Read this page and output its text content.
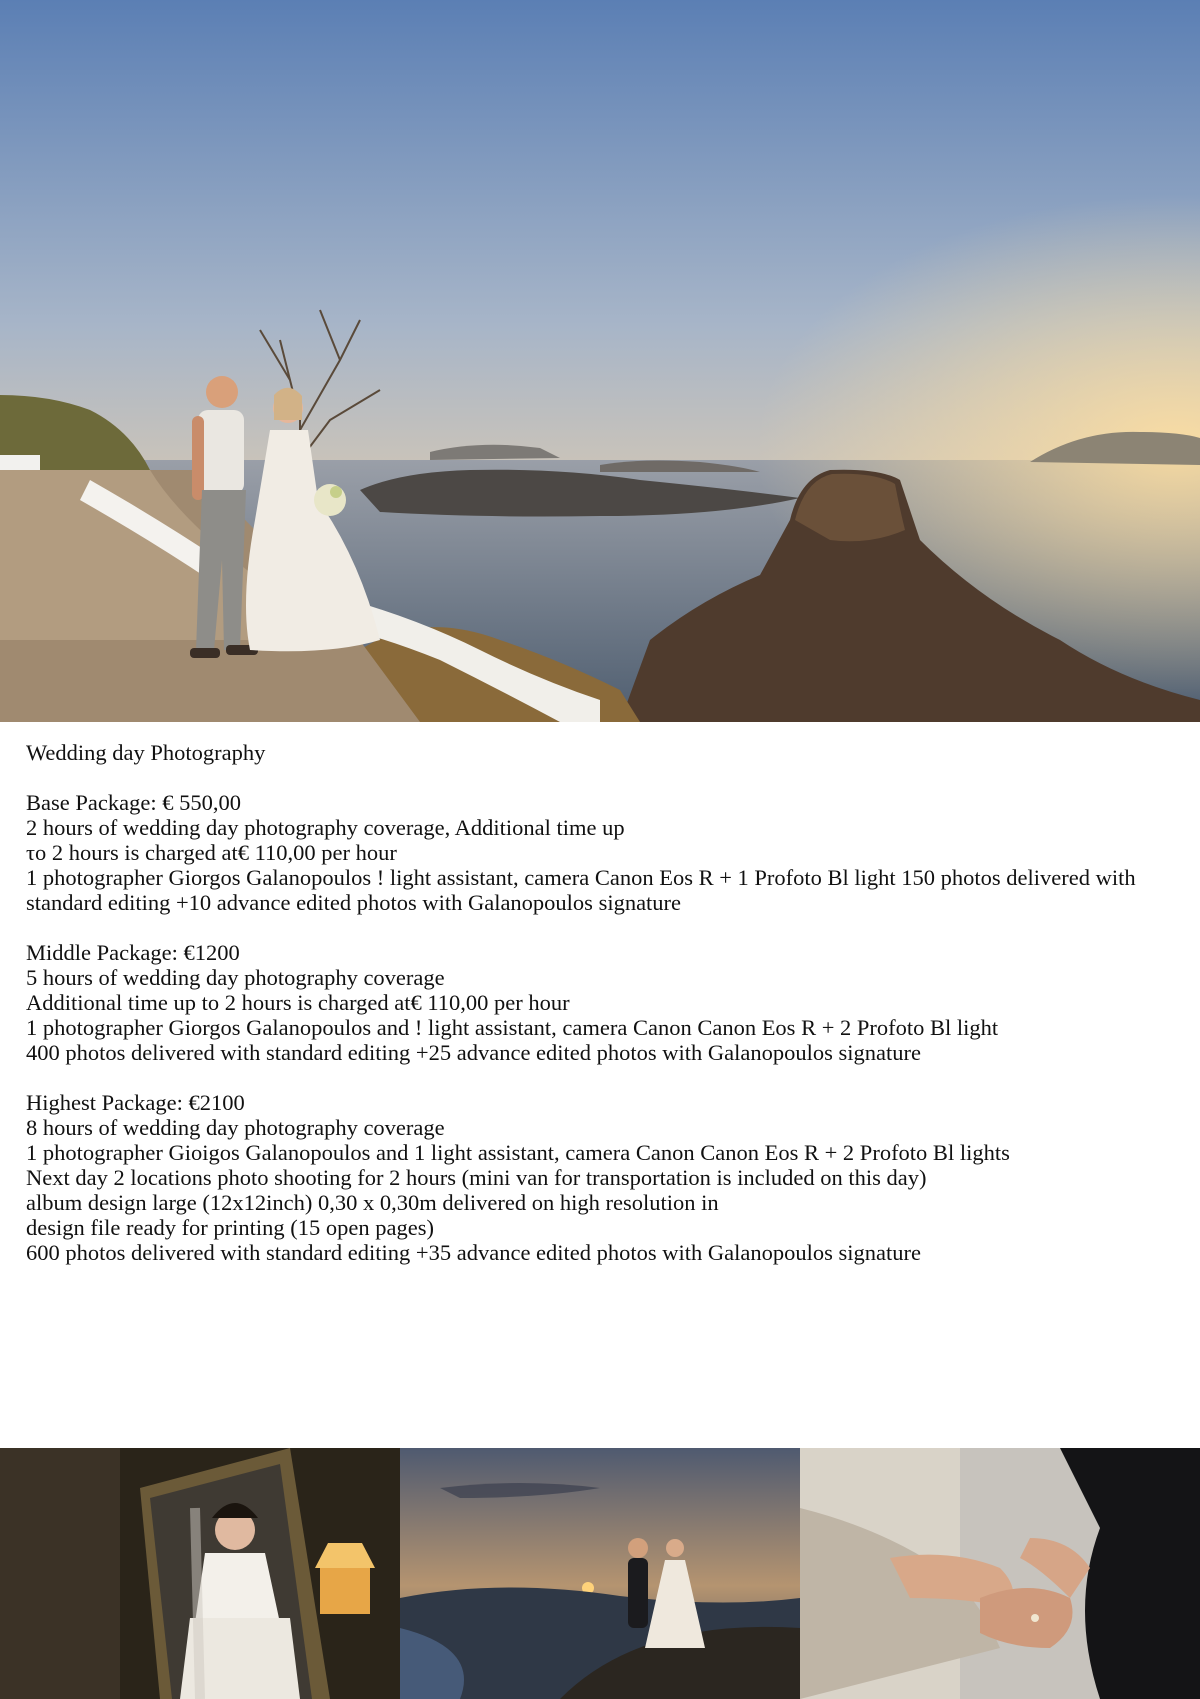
Wedding day Photography
Base Package: € 550,00
2 hours of wedding day photography coverage, Additional time up
το 2 hours is charged at€ 110,00 per hour
1 photographer Giorgos Galanopoulos ! light assistant, camera Canon Eos R + 1 Profoto Bl light 150 photos delivered with standard editing +10 advance edited photos with Galanopoulos signature
Middle Package: €1200
5 hours of wedding day photography coverage
Additional time up to 2 hours is charged at€ 110,00 per hour
1 photographer Giorgos Galanopoulos and ! light assistant, camera Canon Canon Eos R + 2 Profoto Bl light
400 photos delivered with standard editing +25 advance edited photos with Galanopoulos signature
Highest Package: €2100
8 hours of wedding day photography coverage
1 photographer Gioigos Galanopoulos and 1 light assistant, camera Canon Canon Eos R + 2 Profoto Bl lights
Next day 2 locations photo shooting for 2 hours (mini van for transportation is included on this day)
album design large (12x12inch) 0,30 x 0,30m delivered on high resolution in
design file ready for printing (15 open pages)
600 photos delivered with standard editing +35 advance edited photos with Galanopoulos signature
